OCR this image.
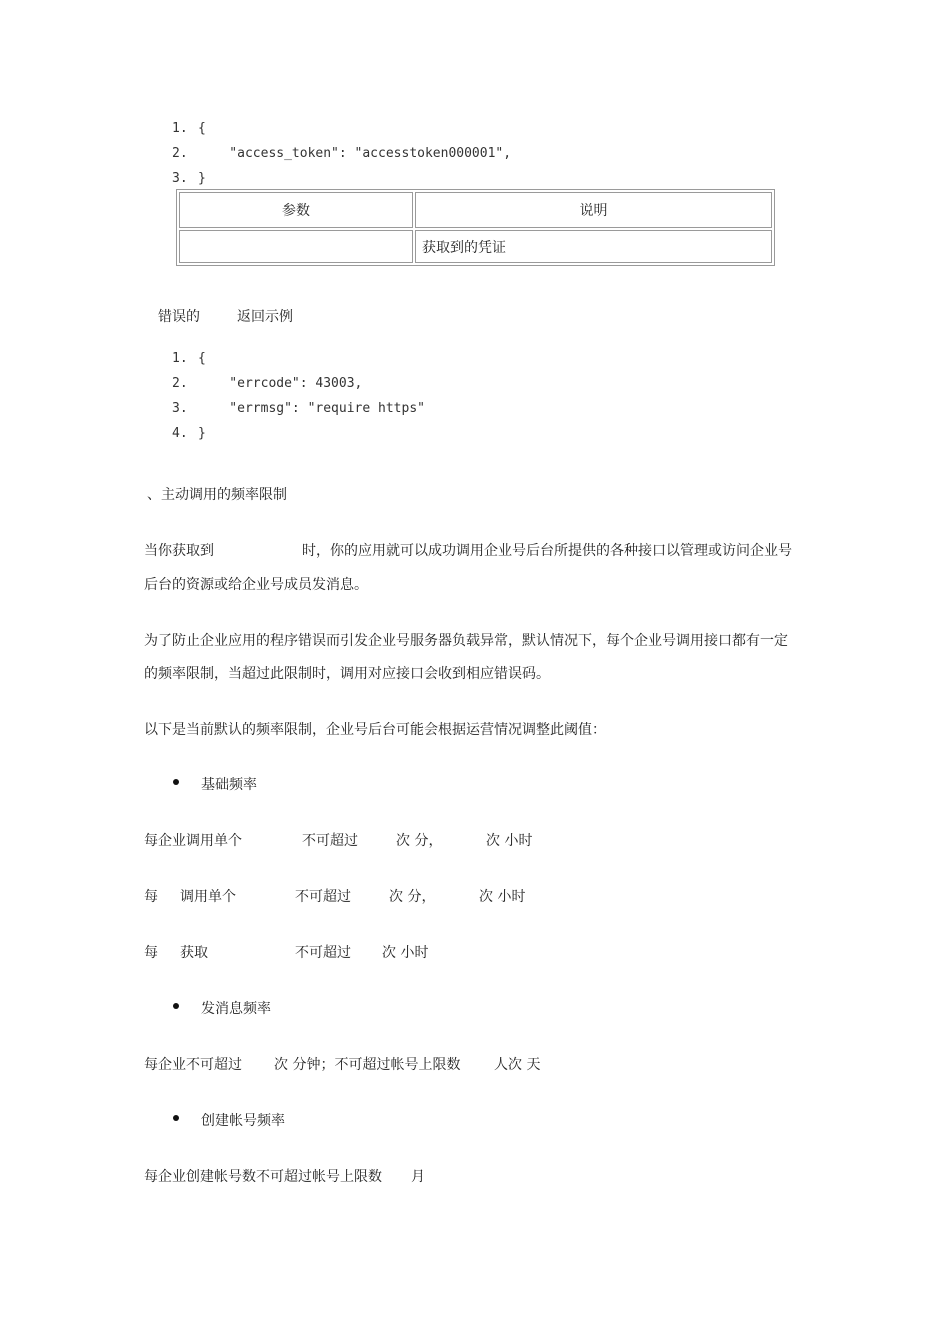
1. {
2.    "access_token": "accesstoken000001",
3. }
参数	说明
	获取到的凭证
错误的	返回示例
1. {
2.    "errcode": 43003,
3.    "errmsg": "require https"
4. }
、主动调用的频率限制
当你获取到	时，你的应用就可以成功调用企业号后台所提供的各种接口以管理或访问企业号
后台的资源或给企业号成员发消息。
为了防止企业应用的程序错误而引发企业号服务器负载异常，默认情况下，每个企业号调用接口都有一定
的频率限制，当超过此限制时，调用对应接口会收到相应错误码。
以下是当前默认的频率限制，企业号后台可能会根据运营情况调整此阈值：
基础频率
每企业调用单个	不可超过	次 分，	次 小时
每 调用单个	不可超过	次 分，	次 小时
每 获取	不可超过 次 小时
发消息频率
每企业不可超过 次 分钟；不可超过帐号上限数 人次 天
创建帐号频率
每企业创建帐号数不可超过帐号上限数 月
